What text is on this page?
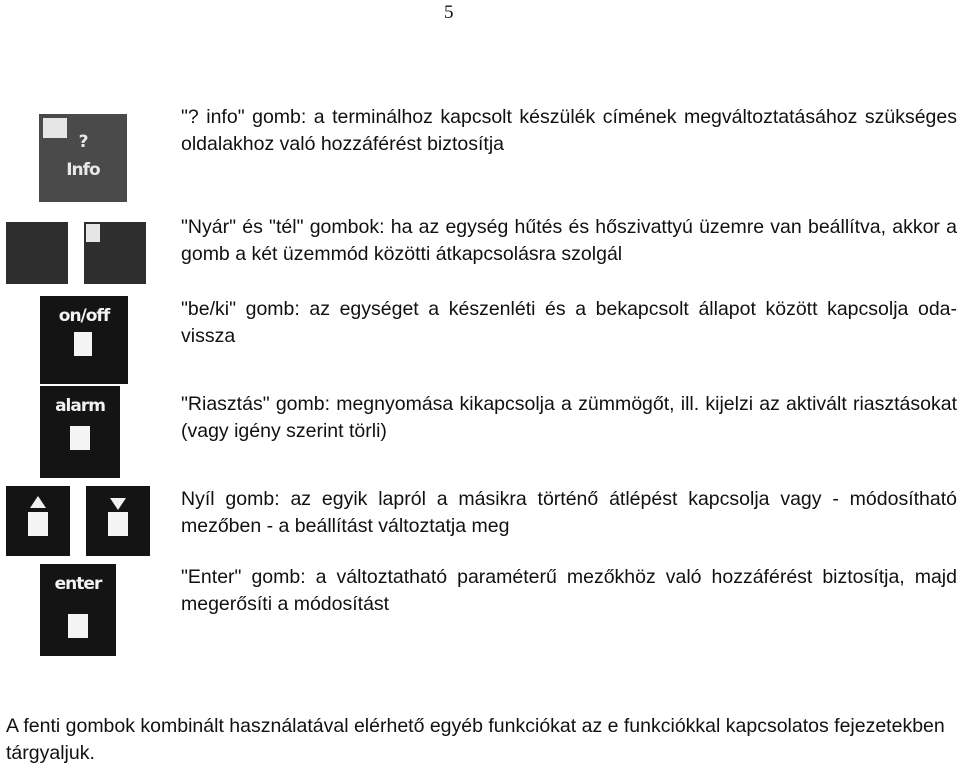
5
?
Info
"? info" gomb: a terminálhoz kapcsolt készülék címének megváltoztatásához szükséges oldalakhoz való hozzáférést biztosítja
"Nyár" és "tél" gombok: ha az egység hűtés és hőszivattyú üzemre van beállítva, akkor a gomb a két üzemmód közötti átkapcsolásra szolgál
on/off	"be/ki" gomb: az egységet a készenléti és a bekapcsolt állapot között kapcsolja oda-vissza
alarm	"Riasztás" gomb: megnyomása kikapcsolja a zümmögőt, ill. kijelzi az aktivált riasztásokat (vagy igény szerint törli)
Nyíl gomb: az egyik lapról a másikra történő átlépést kapcsolja vagy - módosítható mezőben - a beállítást változtatja meg
enter	"Enter" gomb: a változtatható paraméterű mezőkhöz való hozzáférést biztosítja, majd megerősíti a módosítást
A fenti gombok kombinált használatával elérhető egyéb funkciókat az e funkciókkal kapcsolatos fejezetekben tárgyaljuk.
